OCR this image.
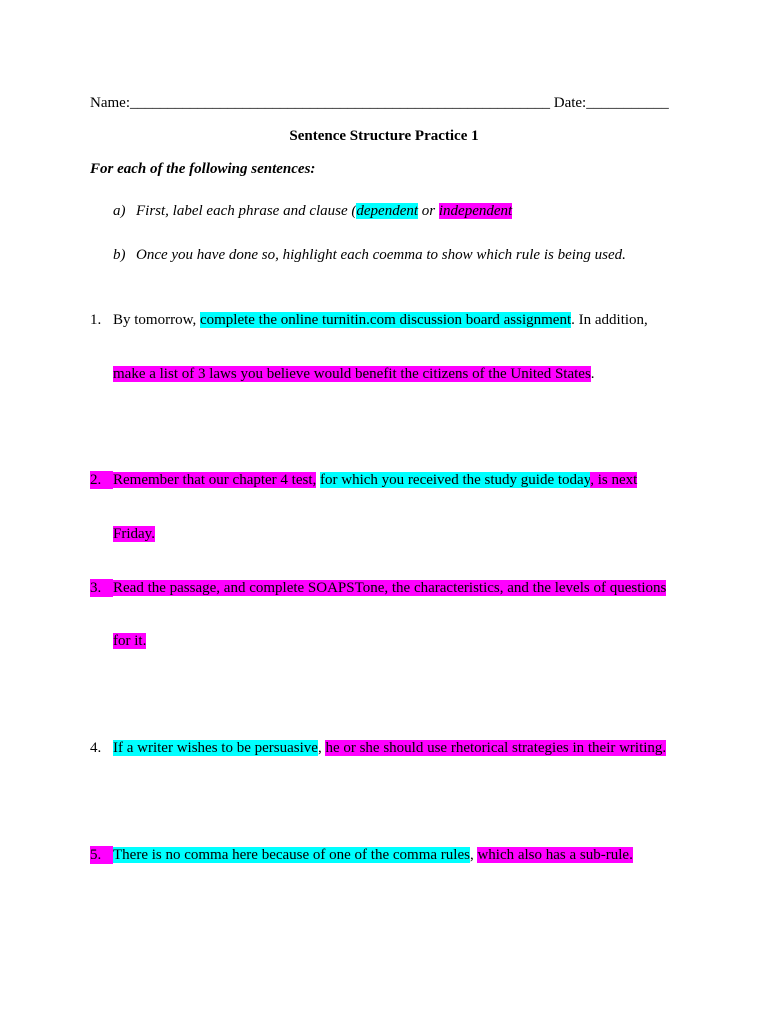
Name:________________________________________________________ Date:___________
Sentence Structure Practice 1
For each of the following sentences:
a) First, label each phrase and clause (dependent or independent
b) Once you have done so, highlight each coemma to show which rule is being used.
1. By tomorrow, complete the online turnitin.com discussion board assignment. In addition,
make a list of 3 laws you believe would benefit the citizens of the United States.
2. Remember that our chapter 4 test, for which you received the study guide today, is next
Friday.
3. Read the passage, and complete SOAPSTone, the characteristics, and the levels of questions
for it.
4. If a writer wishes to be persuasive, he or she should use rhetorical strategies in their writing.
5. There is no comma here because of one of the comma rules, which also has a sub-rule.
